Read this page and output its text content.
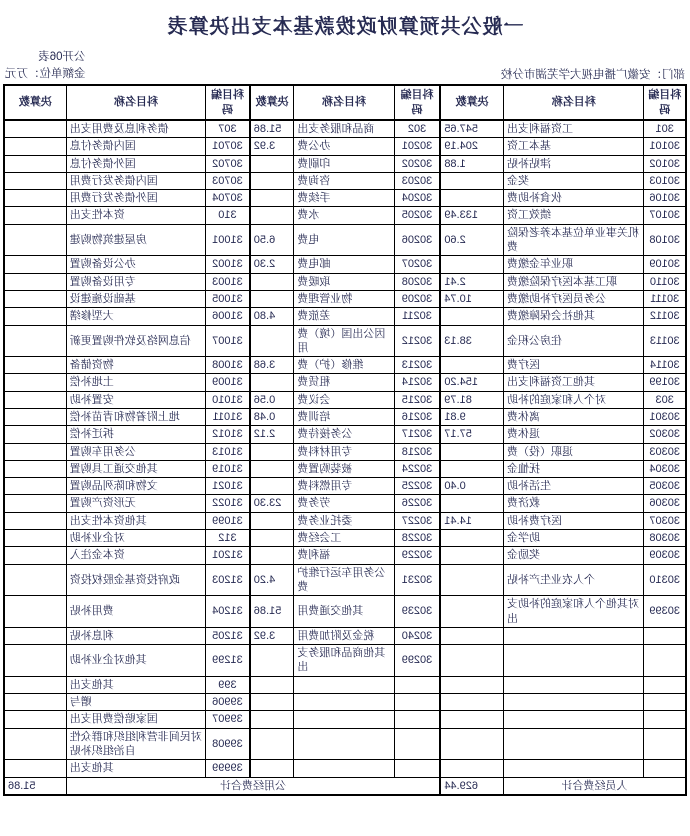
一般公共预算财政拨款基本支出决算表
部门：安徽广播电视大学芜湖市分校
公开06表
金额单位：万元
科目编码	科目名称	决算数	科目编码	科目名称	决算数	科目编码	科目名称	决算数
301	工资福利支出	547.65	302	商品和服务支出	51.86	307	债务利息及费用支出	
30101	基本工资	204.19	30201	办公费	3.92	30701	国内债务付息	
30102	津贴补贴	1.88	30202	印刷费		30702	国外债务付息	
30103	奖金		30203	咨询费		30703	国内债务发行费用	
30106	伙食补助费		30204	手续费		30704	国外债务发行费用	
30107	绩效工资	133.49	30205	水费		310	资本性支出	
30108	机关事业单位基本养老保险费	2.60	30206	电费	6.50	31001	房屋建筑物购建	
30109	职业年金缴费		30207	邮电费	2.30	31002	办公设备购置	
30110	职工基本医疗保险缴费	2.41	30208	取暖费		31003	专用设备购置	
30111	公务员医疗补助缴费	10.74	30209	物业管理费		31005	基础设施建设	
30112	其他社会保障缴费		30211	差旅费	4.80	31006	大型修缮	
30113	住房公积金	38.13	30212	因公出国（境）费用		31007	信息网络及软件购置更新	
30114	医疗费		30213	维修（护）费	3.68	31008	物资储备	
30199	其他工资福利支出	154.20	30214	租赁费		31009	土地补偿	
303	对个人和家庭的补助	81.79	30215	会议费	0.56	31010	安置补助	
30301	离休费	9.81	30216	培训费	0.48	31011	地上附着物和青苗补偿	
30302	退休费	57.17	30217	公务接待费	2.12	31012	拆迁补偿	
30303	退职（役）费		30218	专用材料费		31013	公务用车购置	
30304	抚恤金		30224	被装购置费		31019	其他交通工具购置	
30305	生活补助	0.40	30225	专用燃料费		31021	文物和陈列品购置	
30306	救济费		30226	劳务费	23.30	31022	无形资产购置	
30307	医疗费补助	14.41	30227	委托业务费		31099	其他资本性支出	
30308	助学金		30228	工会经费		312	对企业补助	
30309	奖励金		30229	福利费		31201	资本金注入	
30310	个人农业生产补贴		30231	公务用车运行维护费	4.20	31203	政府投资基金股权投资	
30399	对其他个人和家庭的补助支出		30239	其他交通费用	51.86	31204	费用补贴	
			30240	税金及附加费用	3.92	31205	利息补贴	
			30299	其他商品和服务支出		31299	其他对企业补助	
						399	其他支出	
						39906	赠与	
						39907	国家赔偿费用支出	
						39908	对民间非营利组织和群众性自治组织补贴	
						39999	其他支出	
人员经费合计		629.44	公用经费合计					51.86
